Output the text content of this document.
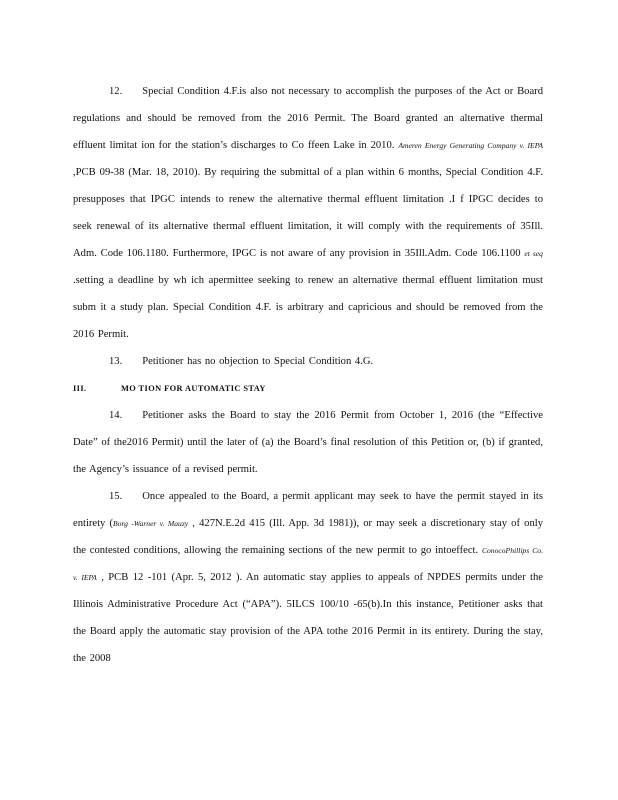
12. Special Condition 4.F.is also not necessary to accomplish the purposes of the Act or Board regulations and should be removed from the 2016 Permit. The Board granted an alternative thermal effluent limitat ion for the station’s discharges to Co ffeen Lake in 2010. Ameren Energy Generating Company v. IEPA ,PCB 09-38 (Mar. 18, 2010). By requiring the submittal of a plan within 6 months, Special Condition 4.F. presupposes that IPGC intends to renew the alternative thermal effluent limitation .I f IPGC decides to seek renewal of its alternative thermal effluent limitation, it will comply with the requirements of 35Ill. Adm. Code 106.1180. Furthermore, IPGC is not aware of any provision in 35Ill.Adm. Code 106.1100 et seq .setting a deadline by wh ich apermittee seeking to renew an alternative thermal effluent limitation must subm it a study plan. Special Condition 4.F. is arbitrary and capricious and should be removed from the 2016 Permit.

13. Petitioner has no objection to Special Condition 4.G.

III.	MO TION FOR AUTOMATIC STAY

14. Petitioner asks the Board to stay the 2016 Permit from October 1, 2016 (the “Effective Date” of the2016 Permit) until the later of (a) the Board’s final resolution of this Petition or, (b) if granted, the Agency’s issuance of a revised permit.

15. Once appealed to the Board, a permit applicant may seek to have the permit stayed in its entirety (Borg -Warner v. Mauzy , 427N.E.2d 415 (Ill. App. 3d 1981)), or may seek a discretionary stay of only the contested conditions, allowing the remaining sections of the new permit to go intoeffect. ConocoPhillips Co. v. IEPA , PCB 12 -101 (Apr. 5, 2012 ). An automatic stay applies to appeals of NPDES permits under the Illinois Administrative Procedure Act (“APA”). 5ILCS 100/10 -65(b).In this instance, Petitioner asks that the Board apply the automatic stay provision of the APA tothe 2016 Permit in its entirety. During the stay, the 2008
